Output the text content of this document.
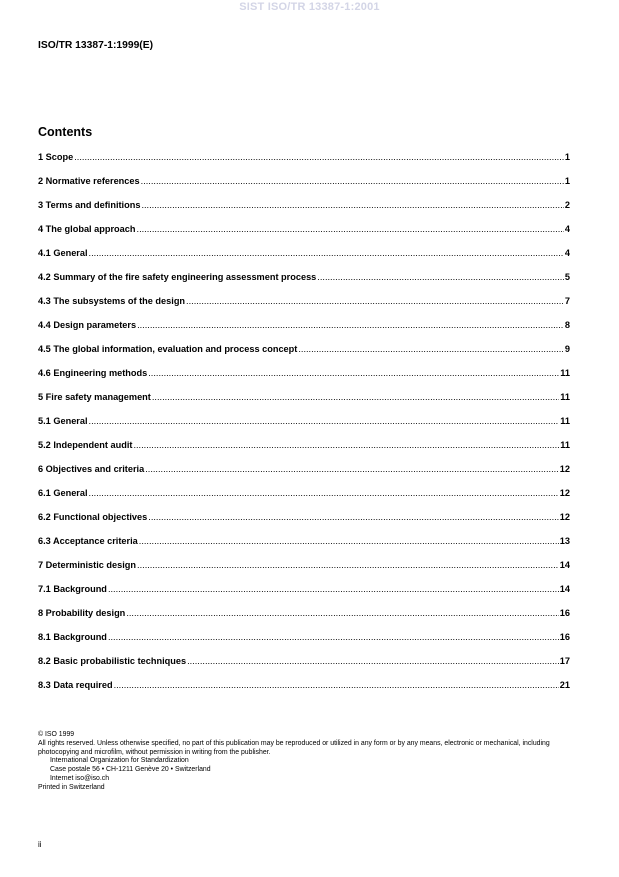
SIST ISO/TR 13387-1:2001
ISO/TR 13387-1:1999(E)
Contents
1 Scope .....	1
2 Normative references .....	1
3 Terms and definitions .....	2
4 The global approach .....	4
4.1 General .....	4
4.2 Summary of the fire safety engineering assessment process .....	5
4.3 The subsystems of the design .....	7
4.4 Design parameters .....	8
4.5 The global information, evaluation and process concept .....	9
4.6 Engineering methods .....	11
5 Fire safety management .....	11
5.1 General .....	11
5.2 Independent audit .....	11
6 Objectives and criteria .....	12
6.1 General .....	12
6.2 Functional objectives .....	12
6.3 Acceptance criteria .....	13
7 Deterministic design .....	14
7.1 Background .....	14
8 Probability design .....	16
8.1 Background .....	16
8.2 Basic probabilistic techniques .....	17
8.3 Data required .....	21
© ISO 1999
All rights reserved. Unless otherwise specified, no part of this publication may be reproduced or utilized in any form or by any means, electronic or mechanical, including photocopying and microfilm, without permission in writing from the publisher.
International Organization for Standardization
Case postale 56 • CH-1211 Genève 20 • Switzerland
Internet iso@iso.ch
Printed in Switzerland
ii
